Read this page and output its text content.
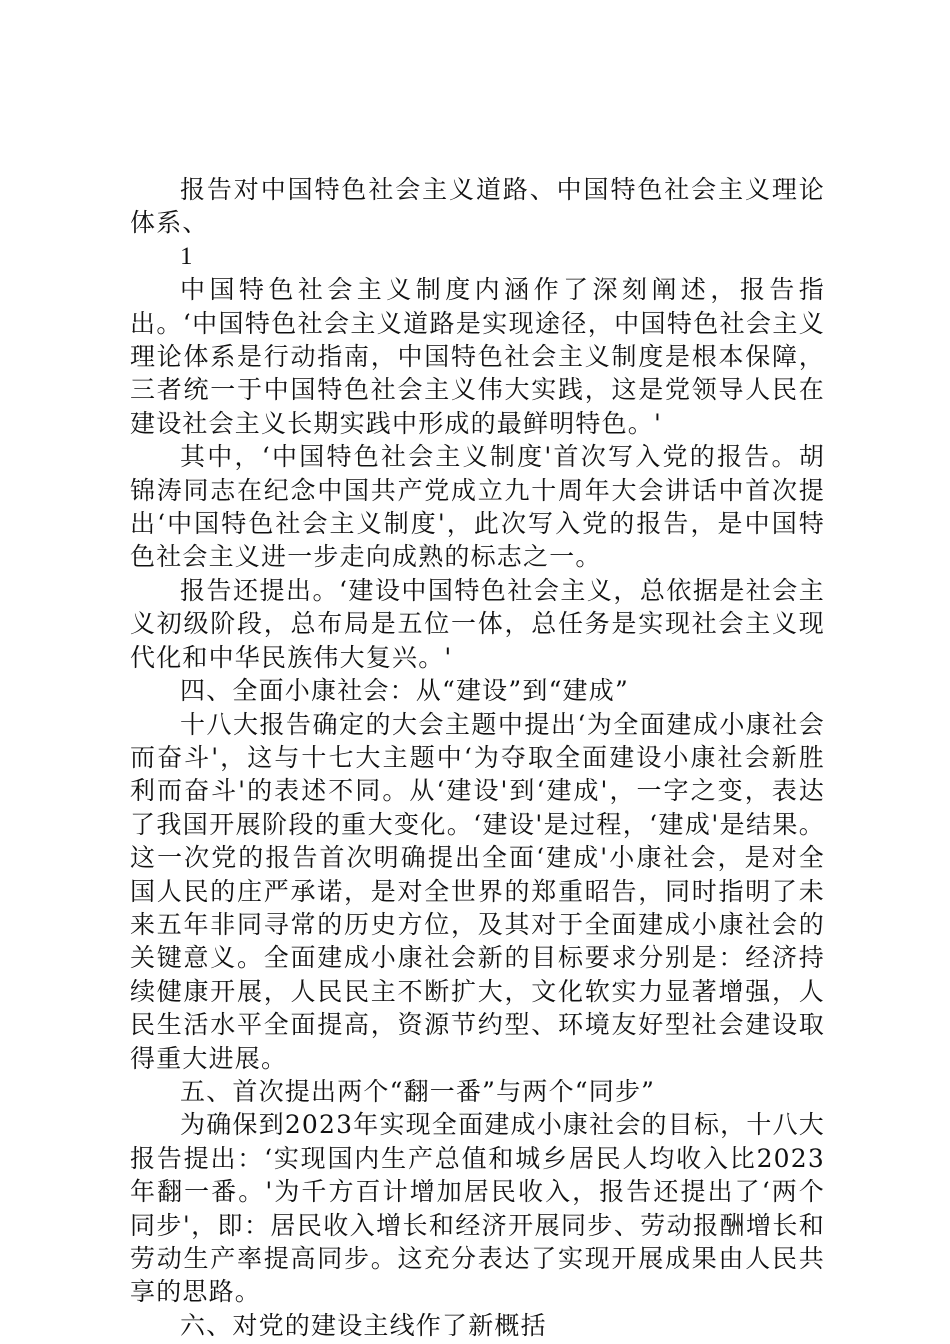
报告对中国特色社会主义道路、中国特色社会主义理论体系、

1

中国特色社会主义制度内涵作了深刻阐述，报告指出。‘中国特色社会主义道路是实现途径，中国特色社会主义理论体系是行动指南，中国特色社会主义制度是根本保障，三者统一于中国特色社会主义伟大实践，这是党领导人民在建设社会主义长期实践中形成的最鲜明特色。'

其中，‘中国特色社会主义制度'首次写入党的报告。胡锦涛同志在纪念中国共产党成立九十周年大会讲话中首次提出‘中国特色社会主义制度'，此次写入党的报告，是中国特色社会主义进一步走向成熟的标志之一。

报告还提出。‘建设中国特色社会主义，总依据是社会主义初级阶段，总布局是五位一体，总任务是实现社会主义现代化和中华民族伟大复兴。'

四、全面小康社会：从“建设”到“建成”

十八大报告确定的大会主题中提出‘为全面建成小康社会而奋斗'，这与十七大主题中‘为夺取全面建设小康社会新胜利而奋斗'的表述不同。从‘建设'到‘建成'，一字之变，表达了我国开展阶段的重大变化。‘建设'是过程，‘建成'是结果。这一次党的报告首次明确提出全面‘建成'小康社会，是对全国人民的庄严承诺，是对全世界的郑重昭告，同时指明了未来五年非同寻常的历史方位，及其对于全面建成小康社会的关键意义。全面建成小康社会新的目标要求分别是：经济持续健康开展，人民民主不断扩大，文化软实力显著增强，人民生活水平全面提高，资源节约型、环境友好型社会建设取得重大进展。

五、首次提出两个“翻一番”与两个“同步”

为确保到2023年实现全面建成小康社会的目标，十八大报告提出：‘实现国内生产总值和城乡居民人均收入比2023年翻一番。'为千方百计增加居民收入，报告还提出了‘两个同步'，即：居民收入增长和经济开展同步、劳动报酬增长和劳动生产率提高同步。这充分表达了实现开展成果由人民共享的思路。

六、对党的建设主线作了新概括
